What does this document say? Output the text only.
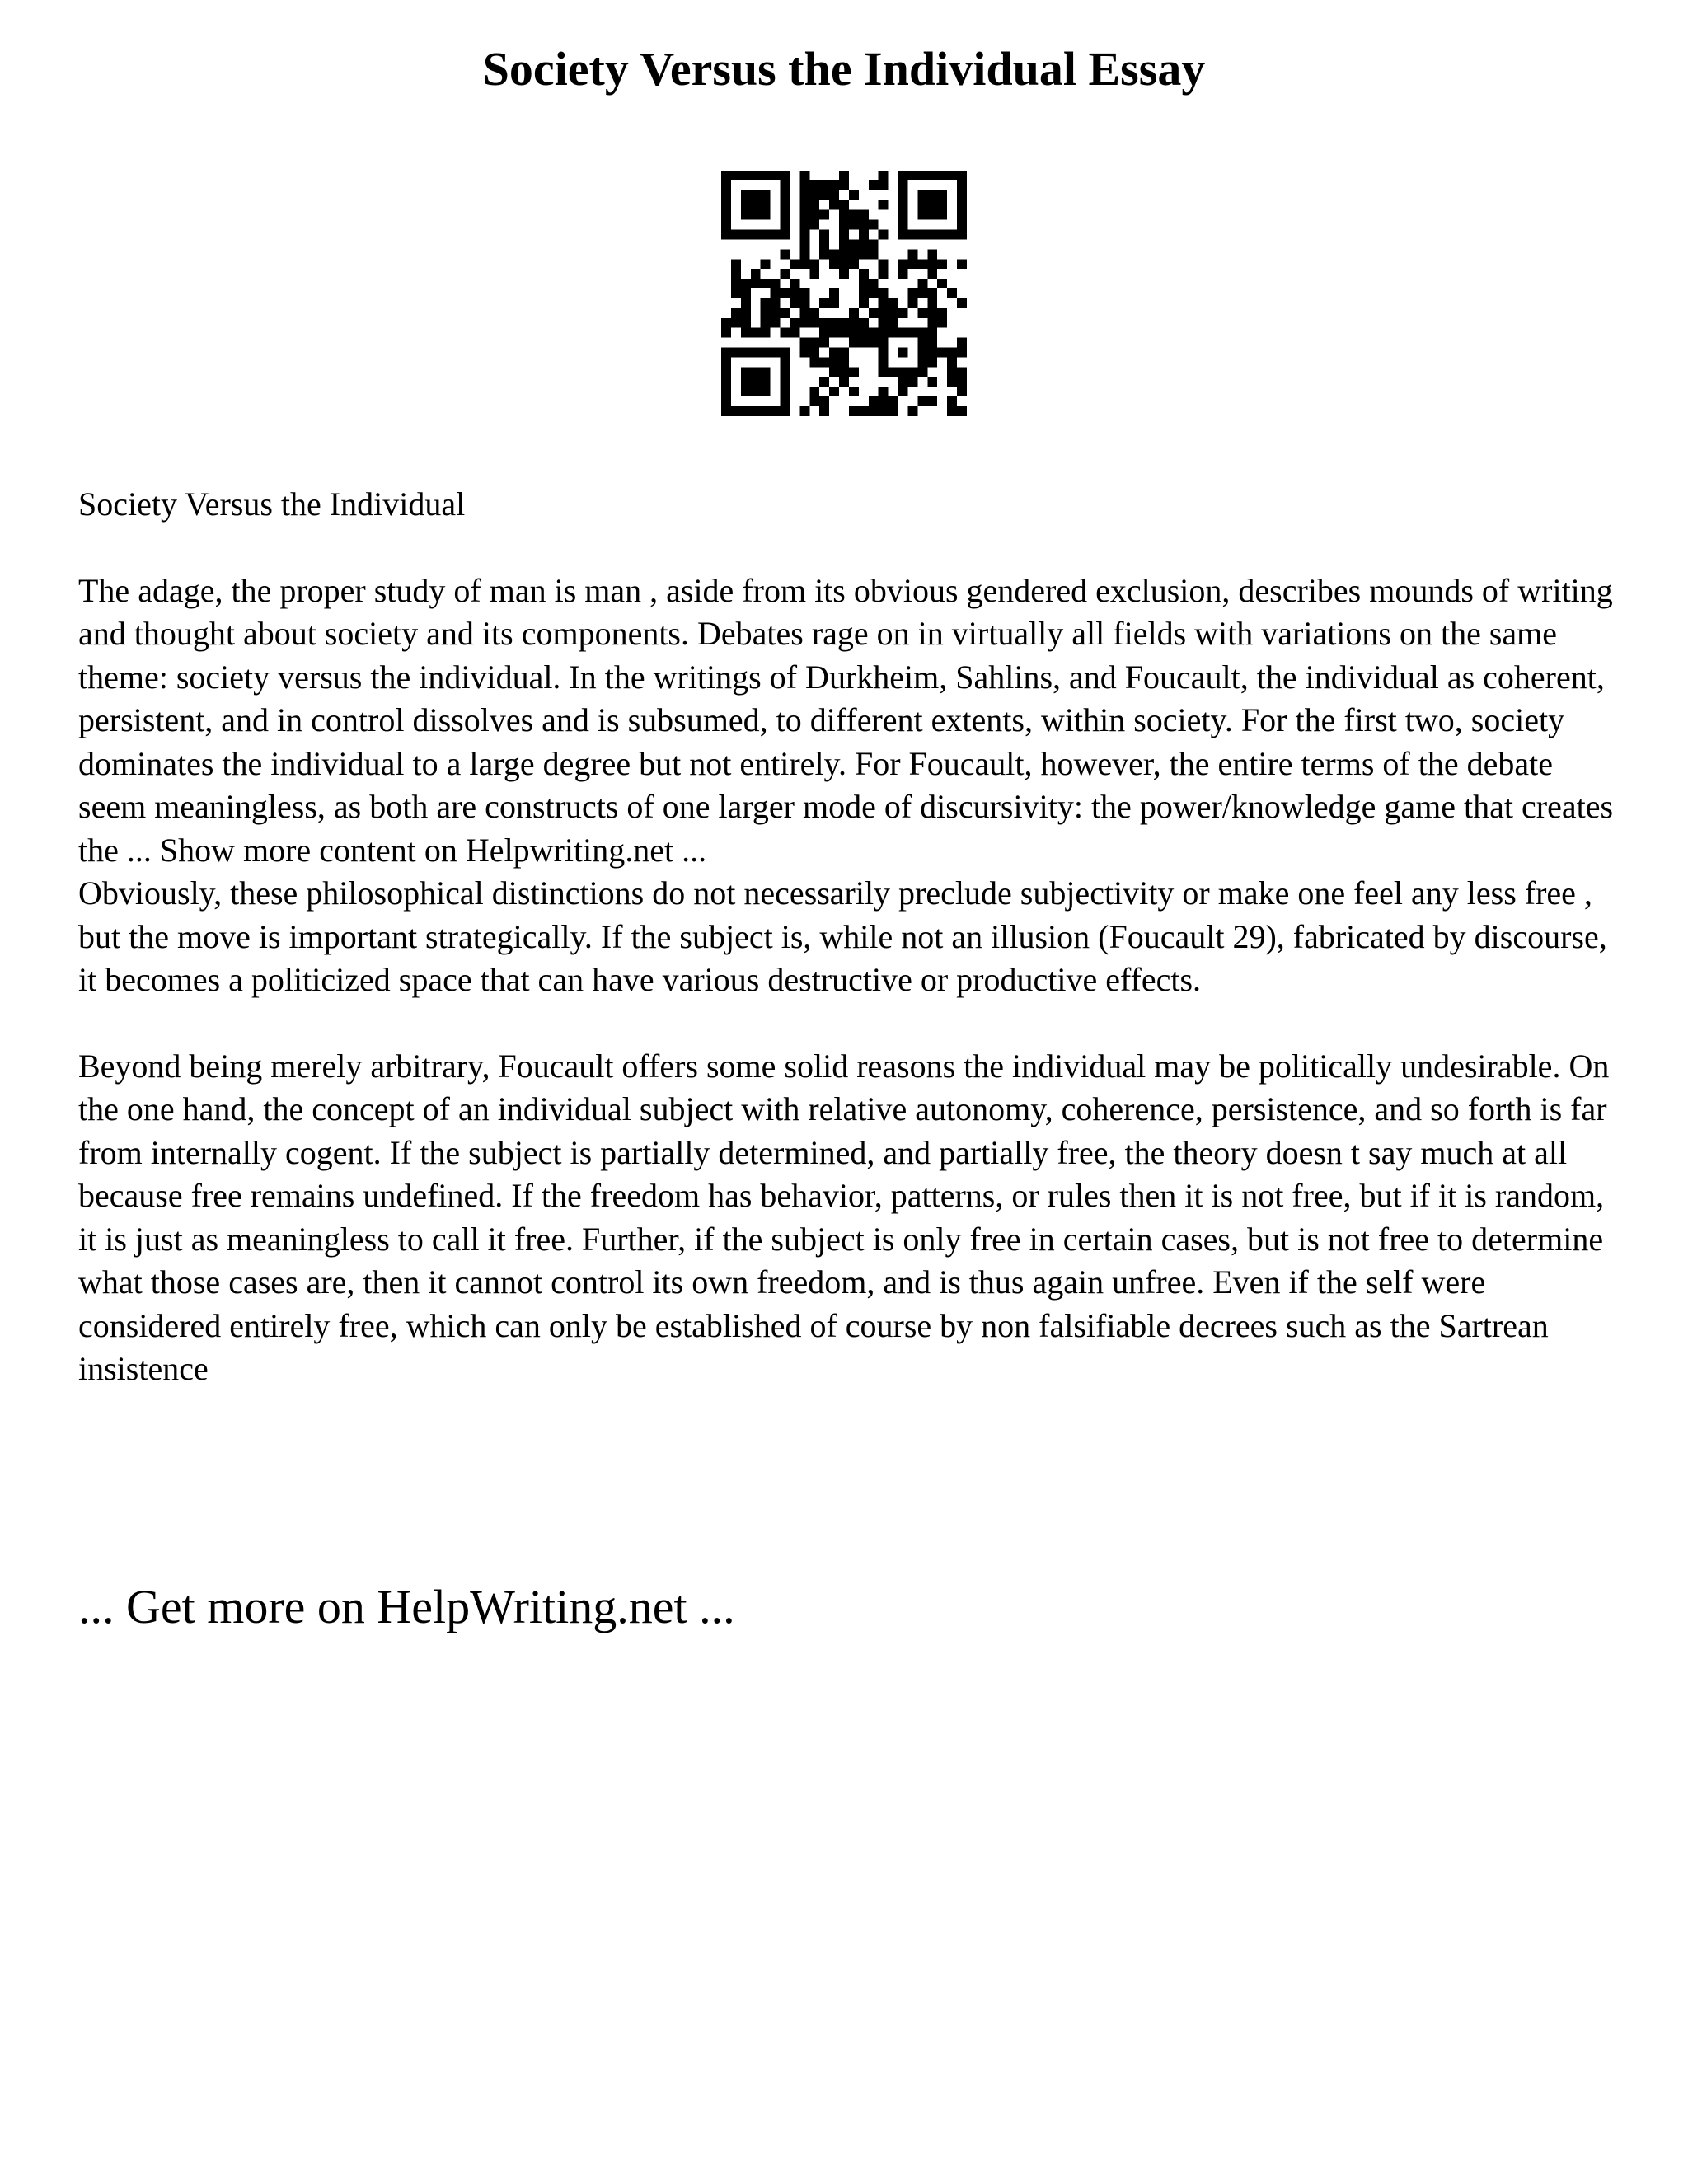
Society Versus the Individual Essay

Society Versus the Individual

The adage, the proper study of man is man , aside from its obvious gendered exclusion, describes mounds of writing and thought about society and its components. Debates rage on in virtually all fields with variations on the same theme: society versus the individual. In the writings of Durkheim, Sahlins, and Foucault, the individual as coherent, persistent, and in control dissolves and is subsumed, to different extents, within society. For the first two, society dominates the individual to a large degree but not entirely. For Foucault, however, the entire terms of the debate seem meaningless, as both are constructs of one larger mode of discursivity: the power/knowledge game that creates the ... Show more content on Helpwriting.net ...

Obviously, these philosophical distinctions do not necessarily preclude subjectivity or make one feel any less free , but the move is important strategically. If the subject is, while not an illusion (Foucault 29), fabricated by discourse, it becomes a politicized space that can have various destructive or productive effects.

Beyond being merely arbitrary, Foucault offers some solid reasons the individual may be politically undesirable. On the one hand, the concept of an individual subject with relative autonomy, coherence, persistence, and so forth is far from internally cogent. If the subject is partially determined, and partially free, the theory doesn t say much at all because free remains undefined. If the freedom has behavior, patterns, or rules then it is not free, but if it is random, it is just as meaningless to call it free. Further, if the subject is only free in certain cases, but is not free to determine what those cases are, then it cannot control its own freedom, and is thus again unfree. Even if the self were considered entirely free, which can only be established of course by non falsifiable decrees such as the Sartrean insistence

... Get more on HelpWriting.net ...
